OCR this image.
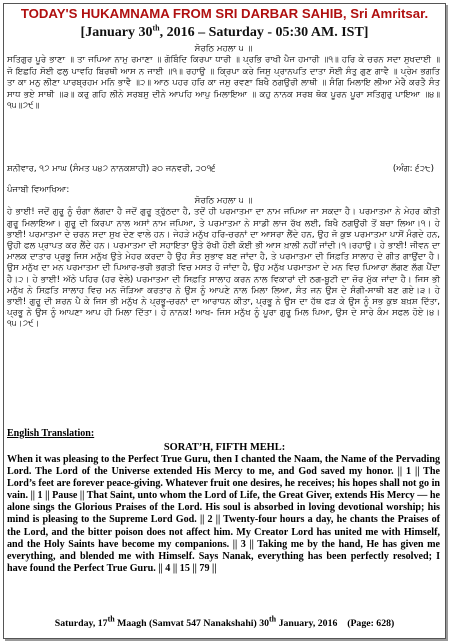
TODAY'S HUKAMNAMA FROM SRI DARBAR SAHIB, Sri Amritsar.
[January 30th, 2016 – Saturday - 05:30 AM. IST]
ਸੋਰਠਿ ਮਹਲਾ ੫ ॥
ਸਤਿਗੁਰ ਪੂਰੇ ਭਾਣਾ ॥ ਤਾ ਜਪਿਆ ਨਾਮੁ ਰਮਾਣਾ ॥ ਗੋਬਿੰਦਿ ਕਿਰਪਾ ਧਾਰੀ ॥ ਪ੍ਰਭਿ ਰਾਖੀ ਪੈਜ ਹਮਾਰੀ ॥੧॥ ਹਰਿ ਕੇ ਚਰਨ ਸਦਾ ਸੁਖਦਾਈ ॥ ਜੋ ਇਛਹਿ ਸੋਈ ਫਲੁ ਪਾਵਹਿ ਬਿਰਥੀ ਆਸ ਨ ਜਾਈ ॥੧॥ ਰਹਾਉ ॥ ਕ੍ਰਿਪਾ ਕਰੇ ਜਿਸੁ ਪ੍ਰਾਨਪਤਿ ਦਾਤਾ ਸੋਈ ਸੰਤੁ ਗੁਣ ਗਾਵੈ ॥ ਪ੍ਰੇਮ ਭਗਤਿ ਤਾ ਕਾ ਮਨੁ ਲੀਣਾ ਪਾਰਬ੍ਰਹਮ ਮਨਿ ਭਾਵੈ ॥੨॥ ਆਠ ਪਹਰ ਹਰਿ ਕਾ ਜਸੁ ਰਵਣਾ ਬਿਖੈ ਠਗਉਰੀ ਲਾਥੀ ॥ ਸੰਗਿ ਮਿਲਾਇ ਲੀਆ ਮੇਰੈ ਕਰਤੈ ਸੰਤ ਸਾਧ ਭਏ ਸਾਥੀ ॥੩॥ ਕਰੁ ਗਹਿ ਲੀਨੇ ਸਰਬਸੁ ਦੀਨੇ ਆਪਹਿ ਆਪੁ ਮਿਲਾਇਆ ॥ ਕਹੁ ਨਾਨਕ ਸਰਬ ਥੋਕ ਪੂਰਨ ਪੂਰਾ ਸਤਿਗੁਰੁ ਪਾਇਆ ॥੪॥੧੫॥੭੯॥
ਸ਼ਨੀਵਾਰ, ੧੭ ਮਾਘ (ਸੰਮਤ ੫੪੭ ਨਾਨਕਸ਼ਾਹੀ) ੩੦ ਜਨਵਰੀ, ੨੦੧੬	(ਅੰਗ: ੬੨੮)
ਪੰਜਾਬੀ ਵਿਆਖਿਆ:
ਸੋਰਠਿ ਮਹਲਾ ੫ ॥
ਹੇ ਭਾਈ! ਜਦੋਂ ਗੁਰੂ ਨੂੰ ਚੰਗਾ ਲੱਗਦਾ ਹੈ ਜਦੋਂ ਗੁਰੂ ਤ੍ਰੁੱਠਦਾ ਹੈ, ਤਦੋਂ ਹੀ ਪਰਮਾਤਮਾ ਦਾ ਨਾਮ ਜਪਿਆ ਜਾ ਸਕਦਾ ਹੈ। ਪਰਮਾਤਮਾ ਨੇ ਮੇਹਰ ਕੀਤੀ ਗੁਰੂ ਮਿਲਾਇਆ। ਗੁਰੂ ਦੀ ਕਿਰਪਾ ਨਾਲ ਅਸਾਂ ਨਾਮ ਜਪਿਆ, ਤੇ ਪਰਮਾਤਮਾ ਨੇ ਸਾਡੀ ਲਾਜ ਰੱਖ ਲਈ, ਬਿਖੈ ਠਗਉਰੀ ਤੋਂ ਬਚਾ ਲਿਆ।੧। ਹੇ ਭਾਈ! ਪਰਮਾਤਮਾ ਦੇ ਚਰਨ ਸਦਾ ਸੁਖ ਦੇਣ ਵਾਲੇ ਹਨ। ਜੇਹੜੇ ਮਨੁੱਖ ਹਰਿ-ਚਰਨਾਂ ਦਾ ਆਸਰਾ ਲੈਂਦੇ ਹਨ, ਉਹ ਜੋ ਕੁਝ ਪਰਮਾਤਮਾ ਪਾਸੋਂ ਮੰਗਦੇ ਹਨ, ਉਹੀ ਫਲ ਪ੍ਰਾਪਤ ਕਰ ਲੈਂਦੇ ਹਨ। ਪਰਮਾਤਮਾ ਦੀ ਸਹਾਇਤਾ ਉਤੇ ਰੱਖੀ ਹੋਈ ਕੋਈ ਭੀ ਆਸ ਖ਼ਾਲੀ ਨਹੀਂ ਜਾਂਦੀ।੧।ਰਹਾਉ। ਹੇ ਭਾਈ! ਜੀਵਨ ਦਾ ਮਾਲਕ ਦਾਤਾਰ ਪ੍ਰਭੂ ਜਿਸ ਮਨੁੱਖ ਉਤੇ ਮੇਹਰ ਕਰਦਾ ਹੈ ਉਹ ਸੰਤ ਸੁਭਾਵ ਬਣ ਜਾਂਦਾ ਹੈ, ਤੇ ਪਰਮਾਤਮਾ ਦੀ ਸਿਫ਼ਤਿ ਸਾਲਾਹ ਦੇ ਗੀਤ ਗਾਉਂਦਾ ਹੈ। ਉਸ ਮਨੁੱਖ ਦਾ ਮਨ ਪਰਮਾਤਮਾ ਦੀ ਪਿਆਰ-ਭਰੀ ਭਗਤੀ ਵਿਚ ਮਸਤ ਹੋ ਜਾਂਦਾ ਹੈ, ਉਹ ਮਨੁੱਖ ਪਰਮਾਤਮਾ ਦੇ ਮਨ ਵਿਚ ਪਿਆਰਾ ਲੱਗਣ ਲੱਗ ਪੈਂਦਾ ਹੈ।੨। ਹੇ ਭਾਈ! ਅੱਠੇ ਪਹਿਰ (ਹਰ ਵੇਲੇ) ਪਰਮਾਤਮਾ ਦੀ ਸਿਫ਼ਤਿ ਸਾਲਾਹ ਕਰਨ ਨਾਲ ਵਿਕਾਰਾਂ ਦੀ ਠਗ-ਬੂਟੀ ਦਾ ਜ਼ੋਰ ਮੁੱਕ ਜਾਂਦਾ ਹੈ। ਜਿਸ ਭੀ ਮਨੁੱਖ ਨੇ ਸਿਫ਼ਤਿ ਸਾਲਾਹ ਵਿਚ ਮਨ ਜੋੜਿਆ ਕਰਤਾਰ ਨੇ ਉਸ ਨੂੰ ਆਪਣੇ ਨਾਲ ਮਿਲਾ ਲਿਆ, ਸੰਤ ਜਨ ਉਸ ਦੇ ਸੰਗੀ-ਸਾਥੀ ਬਣ ਗਏ।੩। ਹੇ ਭਾਈ! ਗੁਰੂ ਦੀ ਸ਼ਰਨ ਪੈ ਕੇ ਜਿਸ ਭੀ ਮਨੁੱਖ ਨੇ ਪ੍ਰਭੂ-ਚਰਨਾਂ ਦਾ ਆਰਾਧਨ ਕੀਤਾ, ਪ੍ਰਭੂ ਨੇ ਉਸ ਦਾ ਹੱਥ ਫੜ ਕੇ ਉਸ ਨੂੰ ਸਭ ਕੁਝ ਬਖ਼ਸ਼ ਦਿੱਤਾ, ਪ੍ਰਭੂ ਨੇ ਉਸ ਨੂੰ ਆਪਣਾ ਆਪ ਹੀ ਮਿਲਾ ਦਿੱਤਾ। ਹੇ ਨਾਨਕ! ਆਖ- ਜਿਸ ਮਨੁੱਖ ਨੂੰ ਪੂਰਾ ਗੁਰੂ ਮਿਲ ਪਿਆ, ਉਸ ਦੇ ਸਾਰੇ ਕੰਮ ਸਫਲ ਹੋਏ।੪।੧੫।੭੯।
English Translation:
SORAT’H, FIFTH MEHL:
When it was pleasing to the Perfect True Guru, then I chanted the Naam, the Name of the Pervading Lord. The Lord of the Universe extended His Mercy to me, and God saved my honor. || 1 || The Lord’s feet are forever peace-giving. Whatever fruit one desires, he receives; his hopes shall not go in vain. || 1 || Pause || That Saint, unto whom the Lord of Life, the Great Giver, extends His Mercy — he alone sings the Glorious Praises of the Lord. His soul is absorbed in loving devotional worship; his mind is pleasing to the Supreme Lord God. || 2 || Twenty-four hours a day, he chants the Praises of the Lord, and the bitter poison does not affect him. My Creator Lord has united me with Himself, and the Holy Saints have become my companions. || 3 || Taking me by the hand, He has given me everything, and blended me with Himself. Says Nanak, everything has been perfectly resolved; I have found the Perfect True Guru. || 4 || 15 || 79 ||
Saturday, 17th Maagh (Samvat 547 Nanakshahi) 30th January, 2016 (Page: 628)
